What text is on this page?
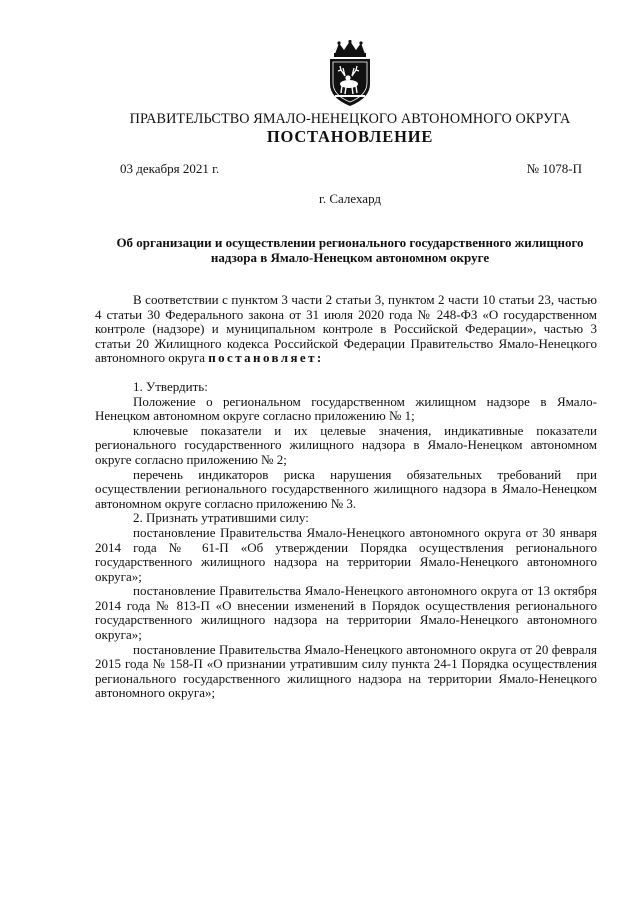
ПРАВИТЕЛЬСТВО ЯМАЛО-НЕНЕЦКОГО АВТОНОМНОГО ОКРУГА
ПОСТАНОВЛЕНИЕ
03 декабря 2021 г.	№ 1078-П
г. Салехард
Об организации и осуществлении регионального государственного жилищного надзора в Ямало-Ненецком автономном округе

В соответствии с пунктом 3 части 2 статьи 3, пунктом 2 части 10 статьи 23, частью 4 статьи 30 Федерального закона от 31 июля 2020 года № 248-ФЗ «О государственном контроле (надзоре) и муниципальном контроле в Российской Федерации», частью 3 статьи 20 Жилищного кодекса Российской Федерации Правительство Ямало-Ненецкого автономного округа постановляет:

1. Утвердить:

Положение о региональном государственном жилищном надзоре в Ямало-Ненецком автономном округе согласно приложению № 1;

ключевые показатели и их целевые значения, индикативные показатели регионального государственного жилищного надзора в Ямало-Ненецком автономном округе согласно приложению № 2;

перечень индикаторов риска нарушения обязательных требований при осуществлении регионального государственного жилищного надзора в Ямало-Ненецком автономном округе согласно приложению № 3.

2. Признать утратившими силу:

постановление Правительства Ямало-Ненецкого автономного округа от 30 января 2014 года № 61-П «Об утверждении Порядка осуществления регионального государственного жилищного надзора на территории Ямало-Ненецкого автономного округа»;

постановление Правительства Ямало-Ненецкого автономного округа от 13 октября 2014 года № 813-П «О внесении изменений в Порядок осуществления регионального государственного жилищного надзора на территории Ямало-Ненецкого автономного округа»;

постановление Правительства Ямало-Ненецкого автономного округа от 20 февраля 2015 года № 158-П «О признании утратившим силу пункта 24-1 Порядка осуществления регионального государственного жилищного надзора на территории Ямало-Ненецкого автономного округа»;
